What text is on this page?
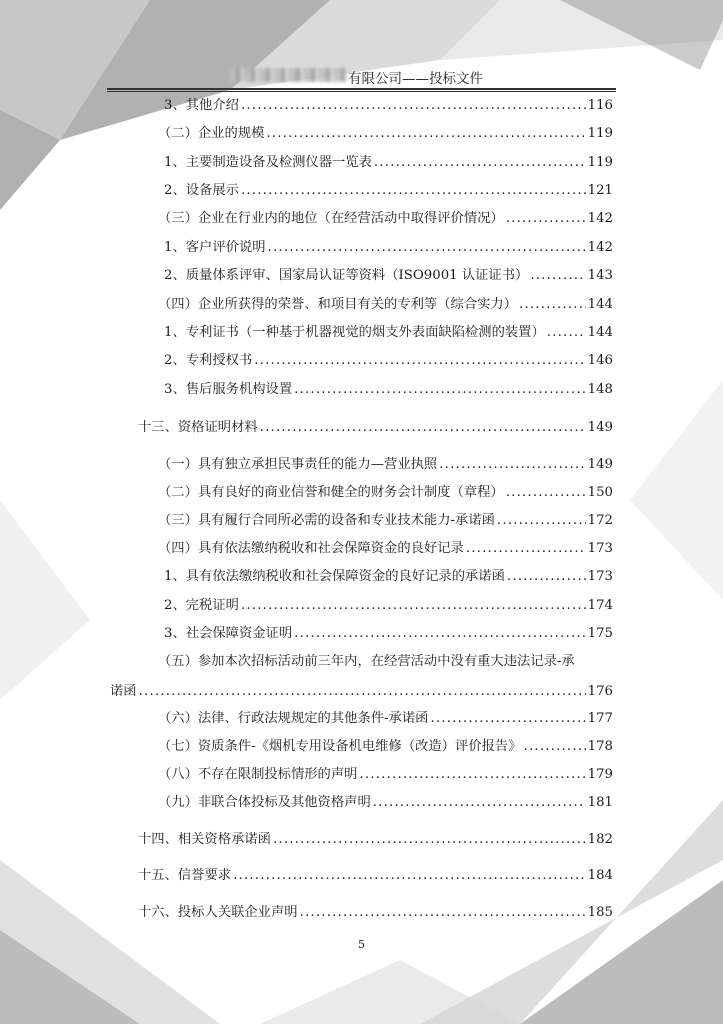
有限公司——投标文件
3、其他介绍 .....	116
（二）企业的规模 .....	119
1、主要制造设备及检测仪器一览表 .....	119
2、设备展示 .....	121
（三）企业在行业内的地位（在经营活动中取得评价情况） .....	142
1、客户评价说明 .....	142
2、质量体系评审、国家局认证等资料（ISO9001 认证证书） .....	143
（四）企业所获得的荣誉、和项目有关的专利等（综合实力） .....	144
1、专利证书（一种基于机器视觉的烟支外表面缺陷检测的装置） .....	144
2、专利授权书 .....	146
3、售后服务机构设置 .....	148
十三、资格证明材料 .....	149
（一）具有独立承担民事责任的能力—营业执照 .....	149
（二）具有良好的商业信誉和健全的财务会计制度（章程） .....	150
（三）具有履行合同所必需的设备和专业技术能力-承诺函 .....	172
（四）具有依法缴纳税收和社会保障资金的良好记录 .....	173
1、具有依法缴纳税收和社会保障资金的良好记录的承诺函 .....	173
2、完税证明 .....	174
3、社会保障资金证明 .....	175
（五）参加本次招标活动前三年内，在经营活动中没有重大违法记录-承
诺函 .....	176
（六）法律、行政法规规定的其他条件-承诺函 .....	177
（七）资质条件-《烟机专用设备机电维修（改造）评价报告》 .....	178
（八）不存在限制投标情形的声明 .....	179
（九）非联合体投标及其他资格声明 .....	181
十四、相关资格承诺函 .....	182
十五、信誉要求 .....	184
十六、投标人关联企业声明 .....	185
5
